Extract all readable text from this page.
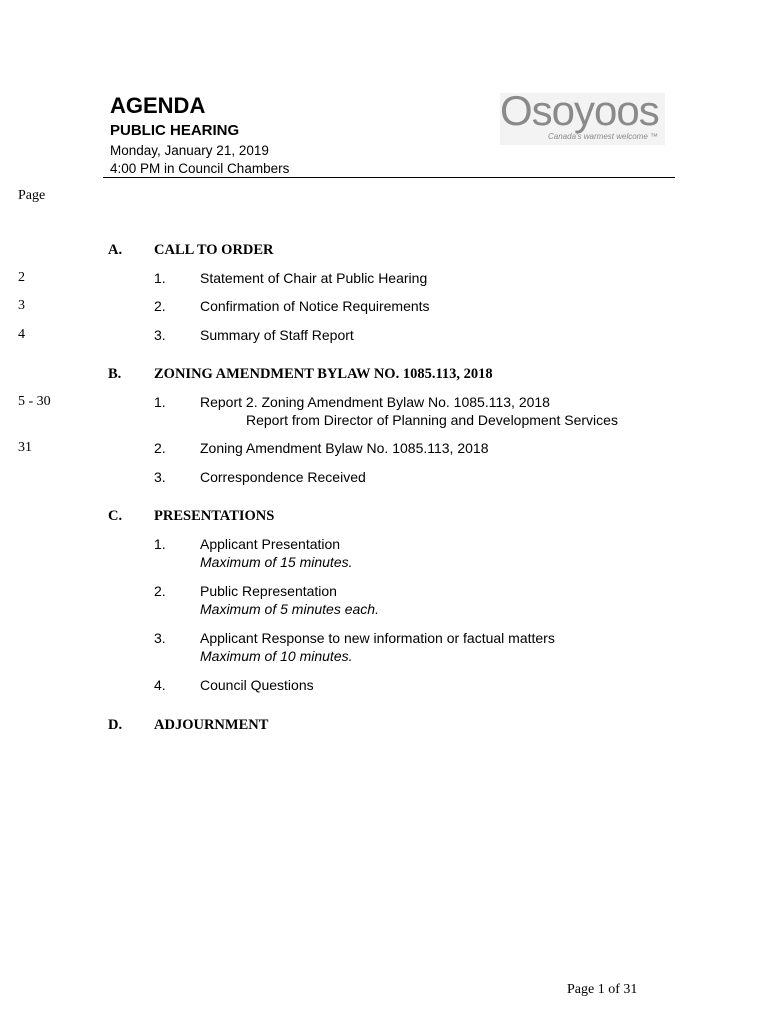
AGENDA
PUBLIC HEARING
Monday, January 21, 2019
4:00 PM in Council Chambers
Osoyoos
Canada's warmest welcome ™
Page
A. CALL TO ORDER
2	1. Statement of Chair at Public Hearing
3	2. Confirmation of Notice Requirements
4	3. Summary of Staff Report
B. ZONING AMENDMENT BYLAW NO. 1085.113, 2018
5 - 30	1. Report 2. Zoning Amendment Bylaw No. 1085.113, 2018
Report from Director of Planning and Development Services
31	2. Zoning Amendment Bylaw No. 1085.113, 2018
3. Correspondence Received
C. PRESENTATIONS
1. Applicant Presentation
Maximum of 15 minutes.
2. Public Representation
Maximum of 5 minutes each.
3. Applicant Response to new information or factual matters
Maximum of 10 minutes.
4. Council Questions
D. ADJOURNMENT
Page 1 of 31
